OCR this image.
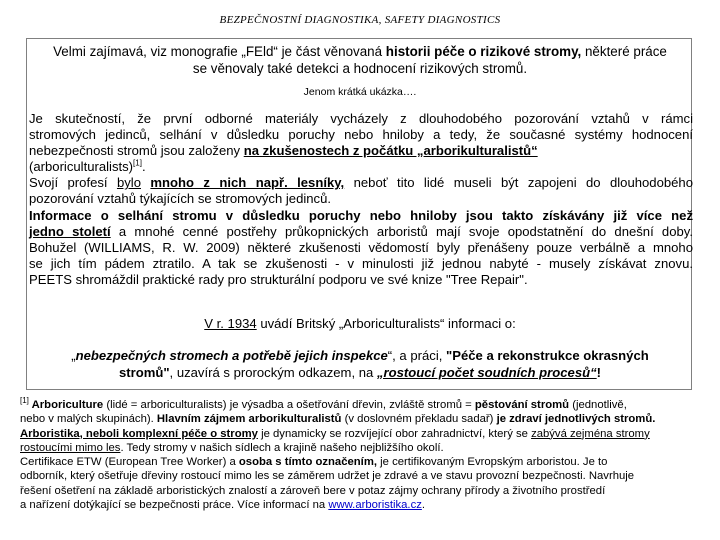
BEZPEČNOSTNÍ DIAGNOSTIKA, SAFETY DIAGNOSTICS
Velmi zajímavá, viz monografie „FEld“ je část věnovaná historii péče o rizikové stromy, některé práce
se věnovaly také detekci a hodnocení rizikových stromů.
Jenom krátká ukázka….
Je skutečností, že první odborné materiály vycházely z dlouhodobého pozorování vztahů v rámci
stromových jedinců, selhání v důsledku poruchy nebo hniloby a tedy, že současné systémy hodnocení
nebezpečnosti stromů jsou založeny na zkušenostech z počátku „arborikulturalistů“
(arboriculturalists)[1].
Svojí profesí bylo mnoho z nich např. lesníky, neboť tito lidé museli být zapojeni do dlouhodobého
pozorování vztahů týkajících se stromových jedinců.
Informace o selhání stromu v důsledku poruchy nebo hniloby jsou takto získávány již více než
jedno století a mnohé cenné postřehy průkopnických arboristů mají svoje opodstatnění do dnešní doby.
Bohužel (WILLIAMS, R. W. 2009) některé zkušenosti vědomostí byly přenášeny pouze verbálně a mnoho
se jich tím pádem ztratilo. A tak se zkušenosti - v minulosti již jednou nabyté - musely získávat znovu.
PEETS shromáždil praktické rady pro strukturální podporu ve své knize "Tree Repair".
V r. 1934 uvádí Britský „Arboriculturalists“ informaci o:
„nebezpečných stromech a potřebě jejich inspekce“, a práci, "Péče a rekonstrukce okrasných
stromů", uzavírá s prorockým odkazem, na „rostoucí počet soudních procesů“!
[1] Arboriculture (lidé = arboriculturalists) je výsadba a ošetřování dřevin, zvláště stromů = pěstování stromů (jednotlivě,
nebo v malých skupinách). Hlavním zájmem arborikulturalistů (v doslovném překladu sadař) je zdraví jednotlivých stromů.
Arboristika, neboli komplexní péče o stromy je dynamicky se rozvíjející obor zahradnictví, který se zabývá zejména stromy
rostoucími mimo les. Tedy stromy v našich sídlech a krajině našeho nejbližšího okolí.
Certifikace ETW (European Tree Worker) a osoba s tímto označením, je certifikovaným Evropským arboristou. Je to
odborník, který ošetřuje dřeviny rostoucí mimo les se záměrem udržet je zdravé a ve stavu provozní bezpečnosti. Navrhuje
řešení ošetření na základě arboristických znalostí a zároveň bere v potaz zájmy ochrany přírody a životního prostředí
a nařízení dotýkající se bezpečnosti práce. Více informací na www.arboristika.cz.
